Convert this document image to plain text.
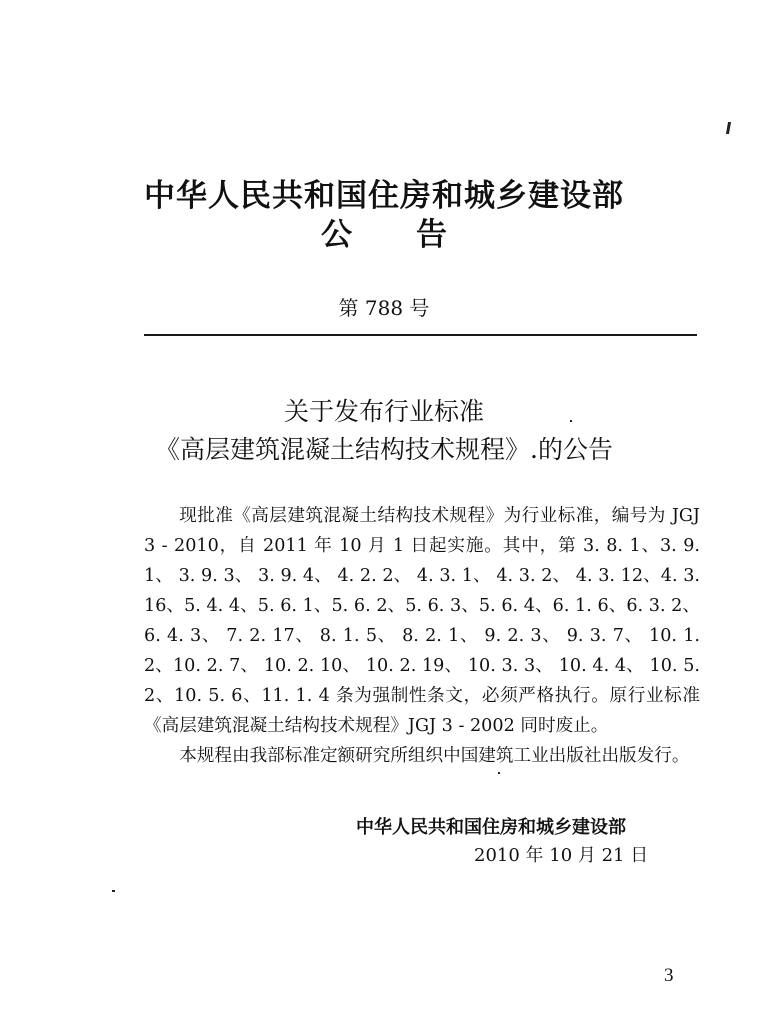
中华人民共和国住房和城乡建设部
公告
第 788 号
关于发布行业标准
《高层建筑混凝土结构技术规程》.的公告

现批准《高层建筑混凝土结构技术规程》为行业标准，编号为 JGJ 3 - 2010，自 2011 年 10 月 1 日起实施。其中，第 3. 8. 1、3. 9. 1、 3. 9. 3、 3. 9. 4、 4. 2. 2、 4. 3. 1、 4. 3. 2、 4. 3. 12、4. 3. 16、5. 4. 4、5. 6. 1、5. 6. 2、5. 6. 3、5. 6. 4、6. 1. 6、6. 3. 2、6. 4. 3、 7. 2. 17、 8. 1. 5、 8. 2. 1、 9. 2. 3、 9. 3. 7、 10. 1. 2、10. 2. 7、 10. 2. 10、 10. 2. 19、 10. 3. 3、 10. 4. 4、 10. 5. 2、10. 5. 6、11. 1. 4 条为强制性条文，必须严格执行。原行业标准《高层建筑混凝土结构技术规程》JGJ 3 - 2002 同时废止。

本规程由我部标准定额研究所组织中国建筑工业出版社出版发行。

中华人民共和国住房和城乡建设部
2010 年 10 月 21 日
3
